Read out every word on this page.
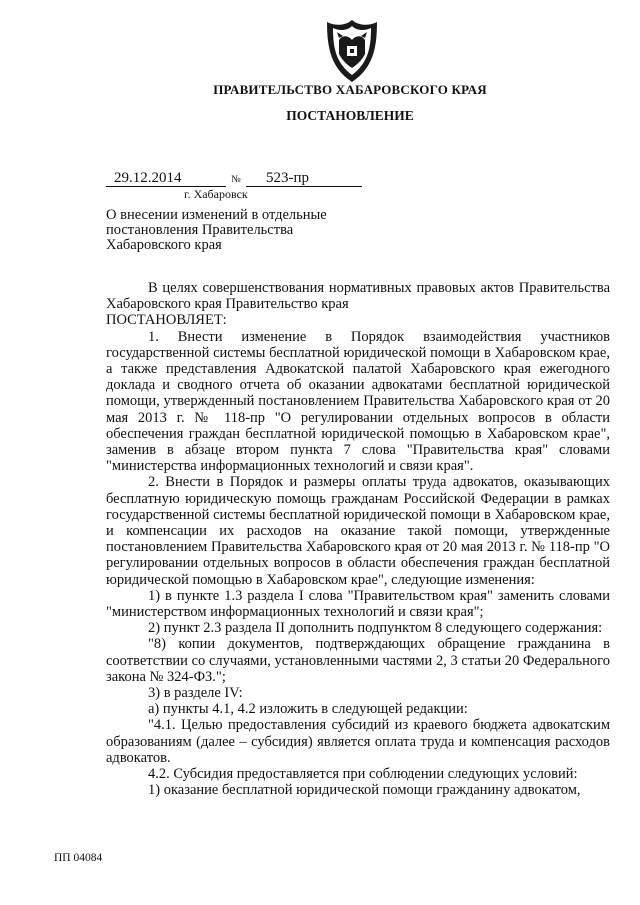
ПРАВИТЕЛЬСТВО ХАБАРОВСКОГО КРАЯ
ПОСТАНОВЛЕНИЕ
29.12.2014	№ 523-пр
г. Хабаровск
О внесении изменений в отдельные постановления Правительства Хабаровского края

В целях совершенствования нормативных правовых актов Правительства Хабаровского края Правительство края

ПОСТАНОВЛЯЕТ:

1. Внести изменение в Порядок взаимодействия участников государственной системы бесплатной юридической помощи в Хабаровском крае, а также представления Адвокатской палатой Хабаровского края ежегодного доклада и сводного отчета об оказании адвокатами бесплатной юридической помощи, утвержденный постановлением Правительства Хабаровского края от 20 мая 2013 г. № 118-пр "О регулировании отдельных вопросов в области обеспечения граждан бесплатной юридической помощью в Хабаровском крае", заменив в абзаце втором пункта 7 слова "Правительства края" словами "министерства информационных технологий и связи края".

2. Внести в Порядок и размеры оплаты труда адвокатов, оказывающих бесплатную юридическую помощь гражданам Российской Федерации в рамках государственной системы бесплатной юридической помощи в Хабаровском крае, и компенсации их расходов на оказание такой помощи, утвержденные постановлением Правительства Хабаровского края от 20 мая 2013 г. № 118-пр "О регулировании отдельных вопросов в области обеспечения граждан бесплатной юридической помощью в Хабаровском крае", следующие изменения:

1) в пункте 1.3 раздела I слова "Правительством края" заменить словами "министерством информационных технологий и связи края";

2) пункт 2.3 раздела II дополнить подпунктом 8 следующего содержания:

"8) копии документов, подтверждающих обращение гражданина в соответствии со случаями, установленными частями 2, 3 статьи 20 Федерального закона № 324-ФЗ.";

3) в разделе IV:

а) пункты 4.1, 4.2 изложить в следующей редакции:

"4.1. Целью предоставления субсидий из краевого бюджета адвокатским образованиям (далее – субсидия) является оплата труда и компенсация расходов адвокатов.

4.2. Субсидия предоставляется при соблюдении следующих условий:

1) оказание бесплатной юридической помощи гражданину адвокатом,

ПП 04084
